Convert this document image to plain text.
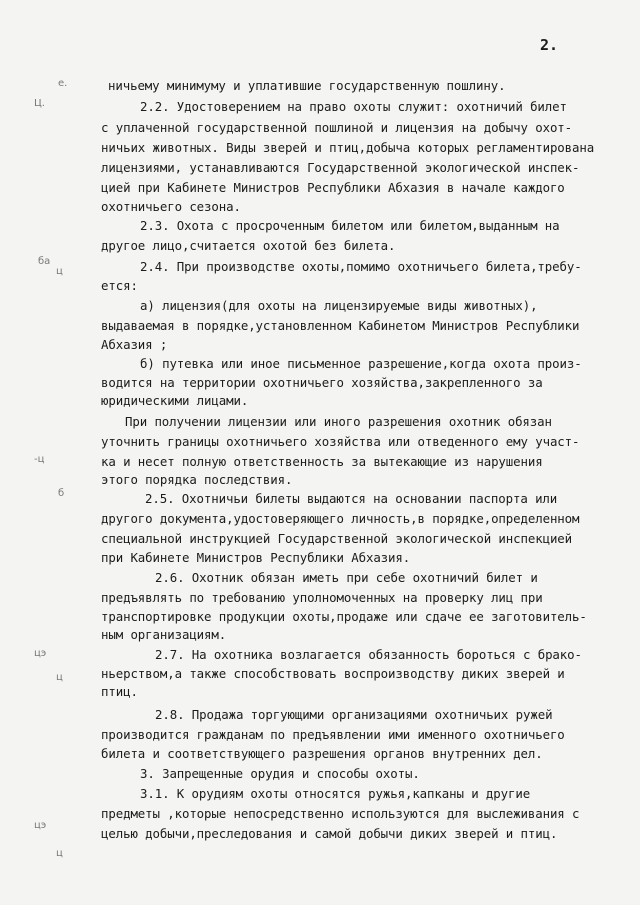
2.
е.
Ц.
ба
ц
-ц
б
цэ
ц
цэ
ц
ничьему минимуму и уплатившие государственную пошлину.
2.2. Удостоверением на право охоты служит: охотничий билет
с уплаченной государственной пошлиной и лицензия на добычу охот-
ничьих животных. Виды зверей и птиц,добыча которых регламентирована
лицензиями, устанавливаются Государственной экологической инспек-
цией при Кабинете Министров Республики Абхазия в начале каждого
охотничьего сезона.
2.3. Охота с просроченным билетом или билетом,выданным на
другое лицо,считается охотой без билета.
2.4. При производстве охоты,помимо охотничьего билета,требу-
ется:
а) лицензия(для охоты на лицензируемые виды животных),
выдаваемая в порядке,установленном Кабинетом Министров Республики
Абхазия ;
б) путевка или иное письменное разрешение,когда охота произ-
водится на территории охотничьего хозяйства,закрепленного за
юридическими лицами.
При получении лицензии или иного разрешения охотник обязан
уточнить границы охотничьего хозяйства или отведенного ему участ-
ка и несет полную ответственность за вытекающие из нарушения
этого порядка последствия.
2.5. Охотничьи билеты выдаются на основании паспорта или
другого документа,удостоверяющего личность,в порядке,определенном
специальной инструкцией Государственной экологической инспекцией
при Кабинете Министров Республики Абхазия.
2.6. Охотник обязан иметь при себе охотничий билет и
предъявлять по требованию уполномоченных на проверку лиц при
транспортировке продукции охоты,продаже или сдаче ее заготовитель-
ным организациям.
2.7. На охотника возлагается обязанность бороться с брако-
ньерством,а также способствовать воспроизводству диких зверей и
птиц.
2.8. Продажа торгующими организациями охотничьих ружей
производится гражданам по предъявлении ими именного охотничьего
билета и соответствующего разрешения органов внутренних дел.
3. Запрещенные орудия и способы охоты.
3.1. К орудиям охоты относятся ружья,капканы и другие
предметы ,которые непосредственно используются для выслеживания с
целью добычи,преследования и самой добычи диких зверей и птиц.
